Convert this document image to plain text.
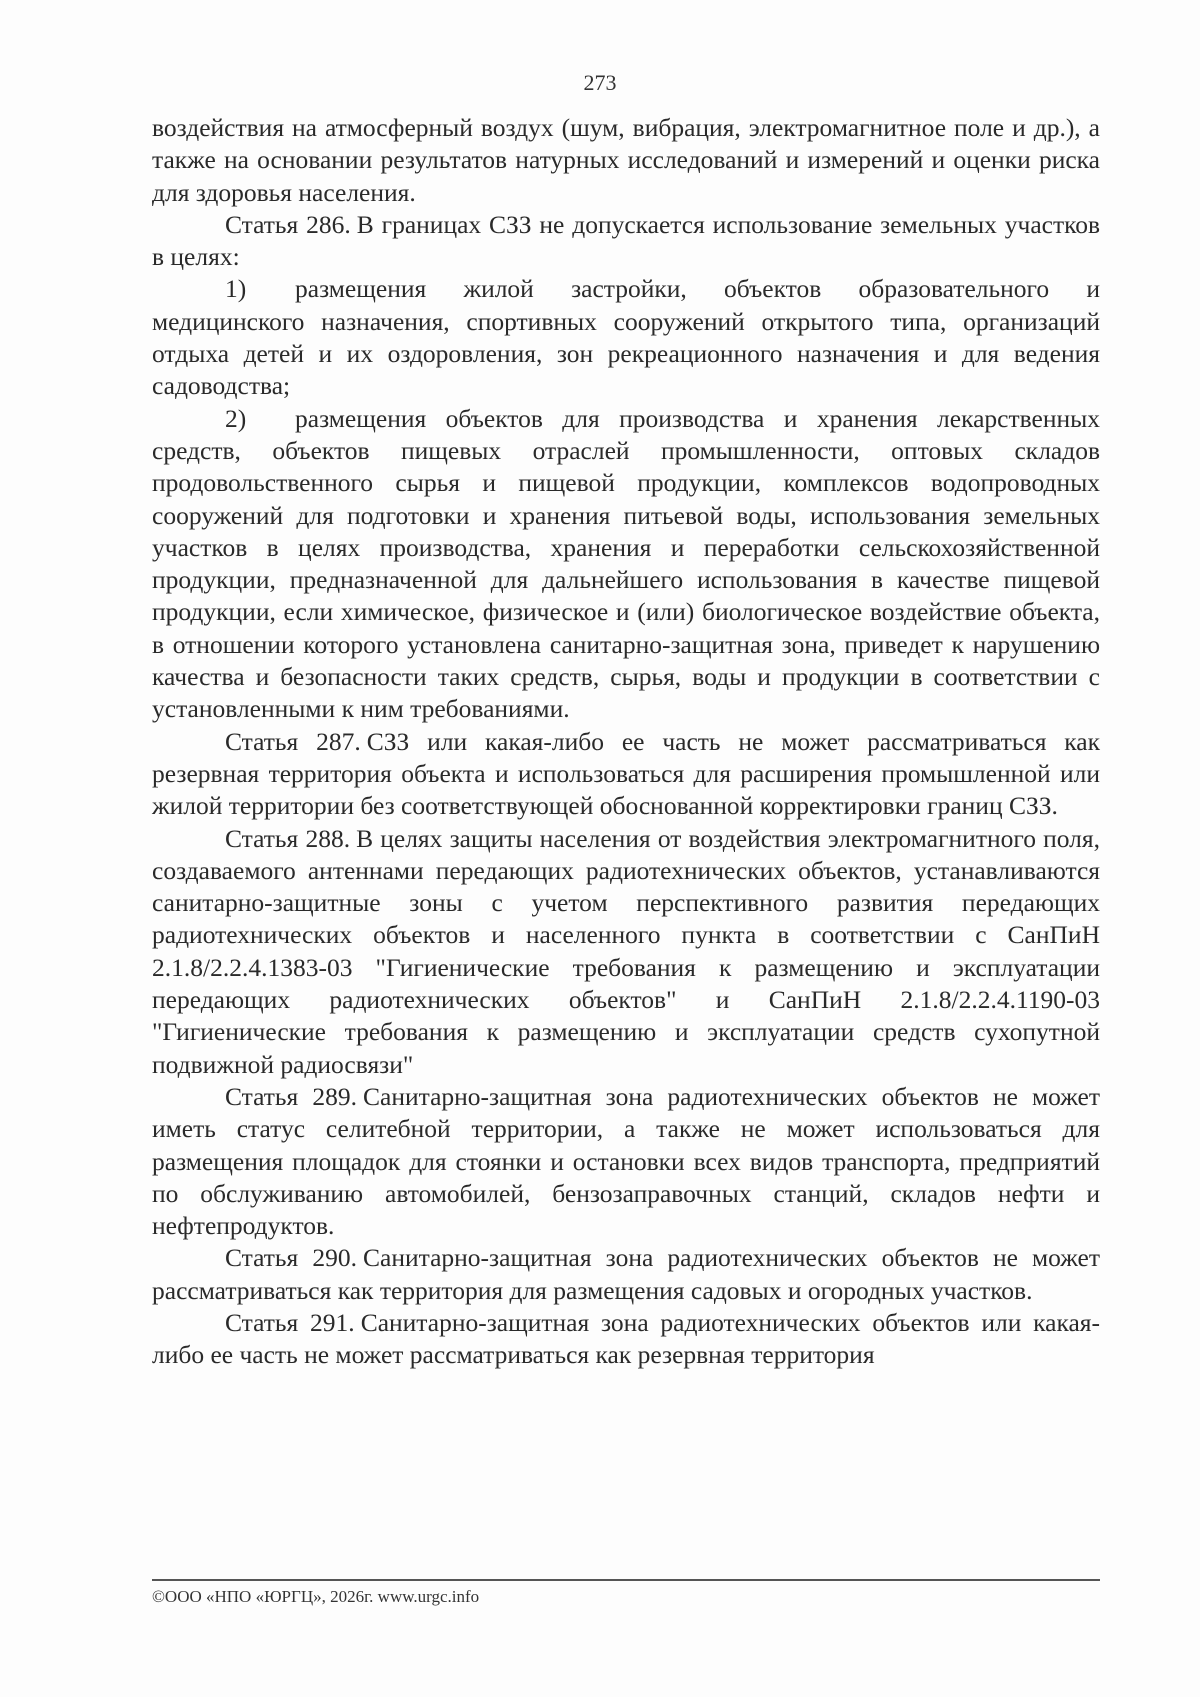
273

воздействия на атмосферный воздух (шум, вибрация, электромагнитное поле и др.), а также на основании результатов натурных исследований и измерений и оценки риска для здоровья населения.

Статья 286. В границах СЗЗ не допускается использование земельных участков в целях:

1) размещения жилой застройки, объектов образовательного и медицинского назначения, спортивных сооружений открытого типа, организаций отдыха детей и их оздоровления, зон рекреационного назначения и для ведения садоводства;

2) размещения объектов для производства и хранения лекарственных средств, объектов пищевых отраслей промышленности, оптовых складов продовольственного сырья и пищевой продукции, комплексов водопроводных сооружений для подготовки и хранения питьевой воды, использования земельных участков в целях производства, хранения и переработки сельскохозяйственной продукции, предназначенной для дальнейшего использования в качестве пищевой продукции, если химическое, физическое и (или) биологическое воздействие объекта, в отношении которого установлена санитарно-защитная зона, приведет к нарушению качества и безопасности таких средств, сырья, воды и продукции в соответствии с установленными к ним требованиями.

Статья 287. СЗЗ или какая-либо ее часть не может рассматриваться как резервная территория объекта и использоваться для расширения промышленной или жилой территории без соответствующей обоснованной корректировки границ СЗЗ.

Статья 288. В целях защиты населения от воздействия электромагнитного поля, создаваемого антеннами передающих радиотехнических объектов, устанавливаются санитарно-защитные зоны с учетом перспективного развития передающих радиотехнических объектов и населенного пункта в соответствии с СанПиН 2.1.8/2.2.4.1383-03 "Гигиенические требования к размещению и эксплуатации передающих радиотехнических объектов" и СанПиН 2.1.8/2.2.4.1190-03 "Гигиенические требования к размещению и эксплуатации средств сухопутной подвижной радиосвязи"

Статья 289. Санитарно-защитная зона радиотехнических объектов не может иметь статус селитебной территории, а также не может использоваться для размещения площадок для стоянки и остановки всех видов транспорта, предприятий по обслуживанию автомобилей, бензозаправочных станций, складов нефти и нефтепродуктов.

Статья 290. Санитарно-защитная зона радиотехнических объектов не может рассматриваться как территория для размещения садовых и огородных участков.

Статья 291. Санитарно-защитная зона радиотехнических объектов или какая-либо ее часть не может рассматриваться как резервная территория

©ООО «НПО «ЮРГЦ», 2026г. www.urgc.info
